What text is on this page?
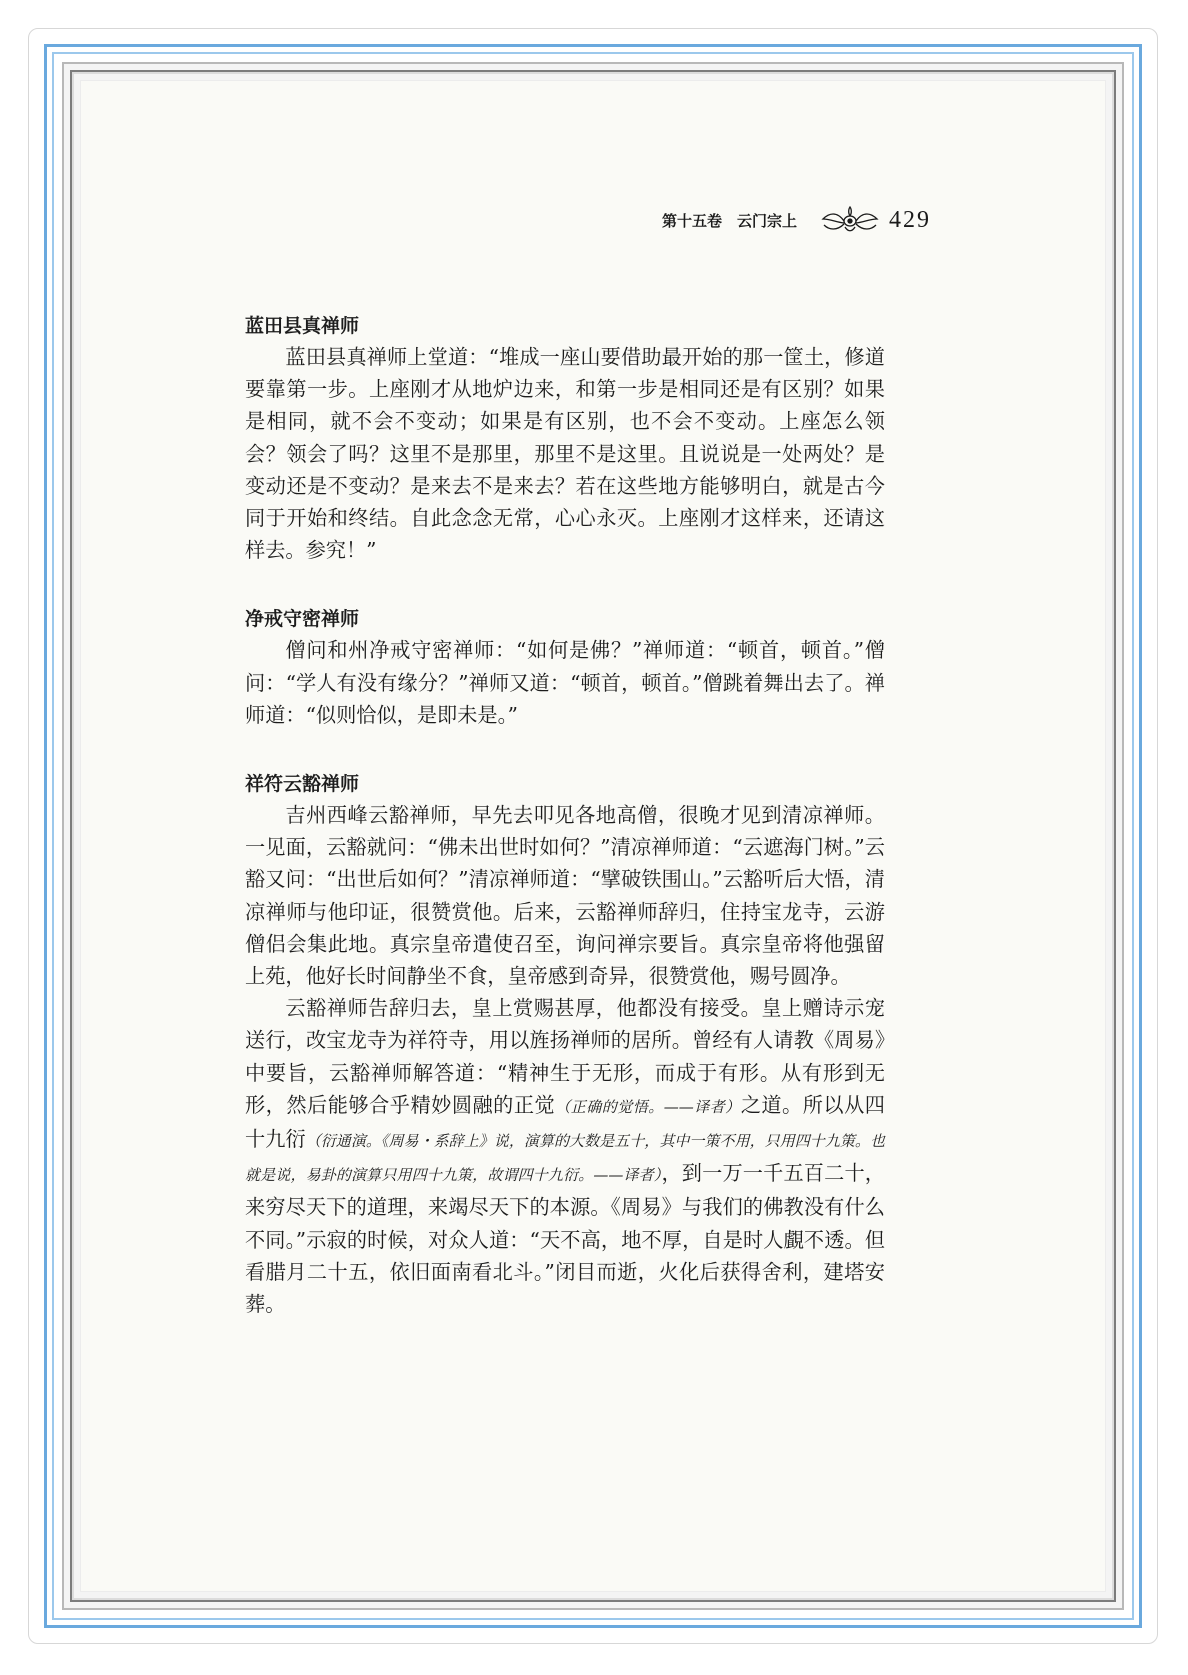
第十五卷　云门宗上	429
蓝田县真禅师

蓝田县真禅师上堂道：“堆成一座山要借助最开始的那一筐土，修道要靠第一步。上座刚才从地炉边来，和第一步是相同还是有区别？如果是相同，就不会不变动；如果是有区别，也不会不变动。上座怎么领会？领会了吗？这里不是那里，那里不是这里。且说说是一处两处？是变动还是不变动？是来去不是来去？若在这些地方能够明白，就是古今同于开始和终结。自此念念无常，心心永灭。上座刚才这样来，还请这样去。参究！”

净戒守密禅师

僧问和州净戒守密禅师：“如何是佛？”禅师道：“顿首，顿首。”僧问：“学人有没有缘分？”禅师又道：“顿首，顿首。”僧跳着舞出去了。禅师道：“似则恰似，是即未是。”

祥符云豁禅师

吉州西峰云豁禅师，早先去叩见各地高僧，很晚才见到清凉禅师。一见面，云豁就问：“佛未出世时如何？”清凉禅师道：“云遮海门树。”云豁又问：“出世后如何？”清凉禅师道：“擘破铁围山。”云豁听后大悟，清凉禅师与他印证，很赞赏他。后来，云豁禅师辞归，住持宝龙寺，云游僧侣会集此地。真宗皇帝遣使召至，询问禅宗要旨。真宗皇帝将他强留上苑，他好长时间静坐不食，皇帝感到奇异，很赞赏他，赐号圆净。

云豁禅师告辞归去，皇上赏赐甚厚，他都没有接受。皇上赠诗示宠送行，改宝龙寺为祥符寺，用以旌扬禅师的居所。曾经有人请教《周易》中要旨，云豁禅师解答道：“精神生于无形，而成于有形。从有形到无形，然后能够合乎精妙圆融的正觉（正确的觉悟。——译者）之道。所以从四十九衍（衍通演。《周易・系辞上》说，演算的大数是五十，其中一策不用，只用四十九策。也就是说，易卦的演算只用四十九策，故谓四十九衍。——译者），到一万一千五百二十，来穷尽天下的道理，来竭尽天下的本源。《周易》与我们的佛教没有什么不同。”示寂的时候，对众人道：“天不高，地不厚，自是时人覰不透。但看腊月二十五，依旧面南看北斗。”闭目而逝，火化后获得舍利，建塔安葬。
